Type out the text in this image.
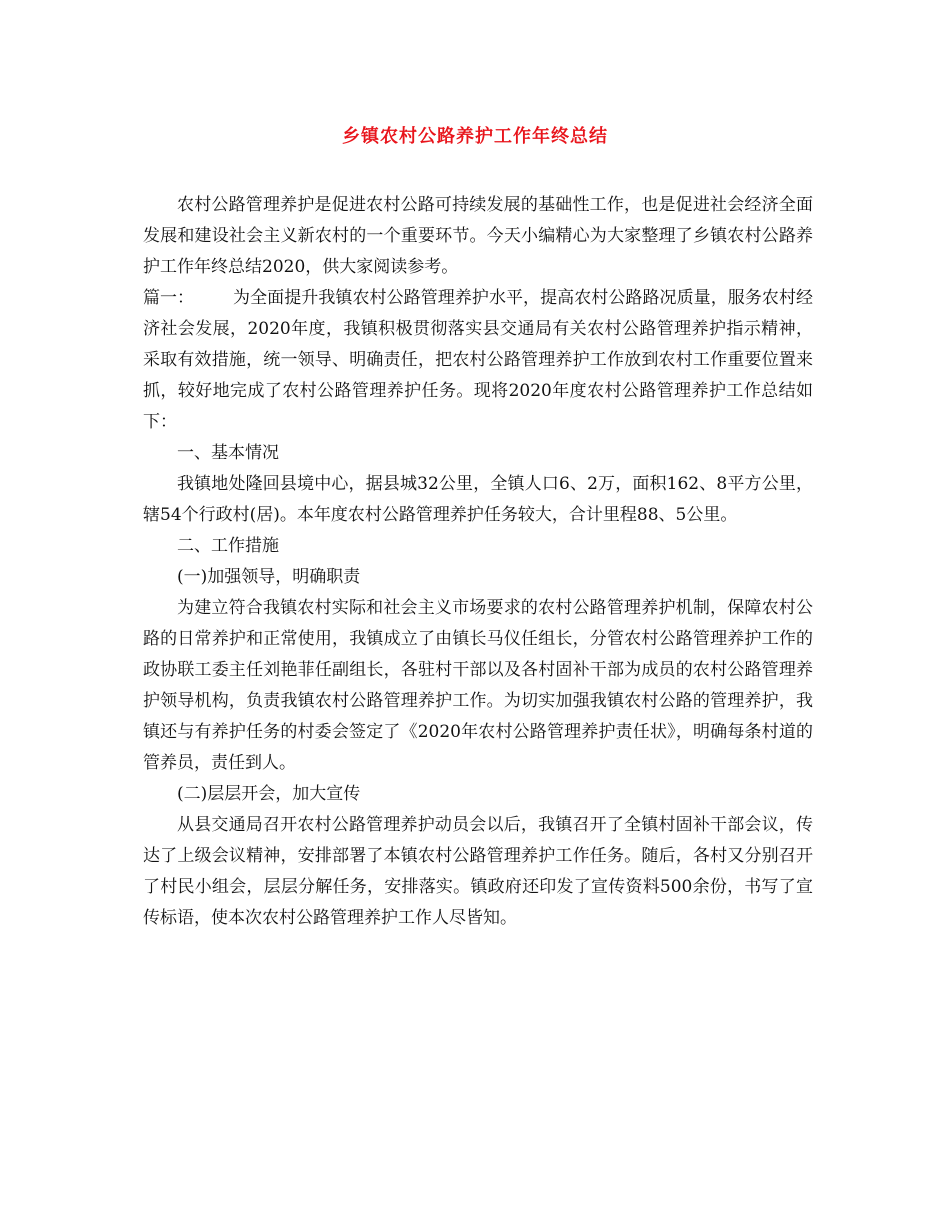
乡镇农村公路养护工作年终总结

农村公路管理养护是促进农村公路可持续发展的基础性工作，也是促进社会经济全面发展和建设社会主义新农村的一个重要环节。今天小编精心为大家整理了乡镇农村公路养护工作年终总结2020，供大家阅读参考。

篇一： 为全面提升我镇农村公路管理养护水平，提高农村公路路况质量，服务农村经济社会发展，2020年度，我镇积极贯彻落实县交通局有关农村公路管理养护指示精神，采取有效措施，统一领导、明确责任，把农村公路管理养护工作放到农村工作重要位置来抓，较好地完成了农村公路管理养护任务。现将2020年度农村公路管理养护工作总结如下：

一、基本情况

我镇地处隆回县境中心，据县城32公里，全镇人口6、2万，面积162、8平方公里，辖54个行政村(居)。本年度农村公路管理养护任务较大，合计里程88、5公里。

二、工作措施

(一)加强领导，明确职责

为建立符合我镇农村实际和社会主义市场要求的农村公路管理养护机制，保障农村公路的日常养护和正常使用，我镇成立了由镇长马仪任组长，分管农村公路管理养护工作的政协联工委主任刘艳菲任副组长，各驻村干部以及各村固补干部为成员的农村公路管理养护领导机构，负责我镇农村公路管理养护工作。为切实加强我镇农村公路的管理养护，我镇还与有养护任务的村委会签定了《2020年农村公路管理养护责任状》，明确每条村道的管养员，责任到人。

(二)层层开会，加大宣传

从县交通局召开农村公路管理养护动员会以后，我镇召开了全镇村固补干部会议，传达了上级会议精神，安排部署了本镇农村公路管理养护工作任务。随后，各村又分别召开了村民小组会，层层分解任务，安排落实。镇政府还印发了宣传资料500余份，书写了宣传标语，使本次农村公路管理养护工作人尽皆知。
